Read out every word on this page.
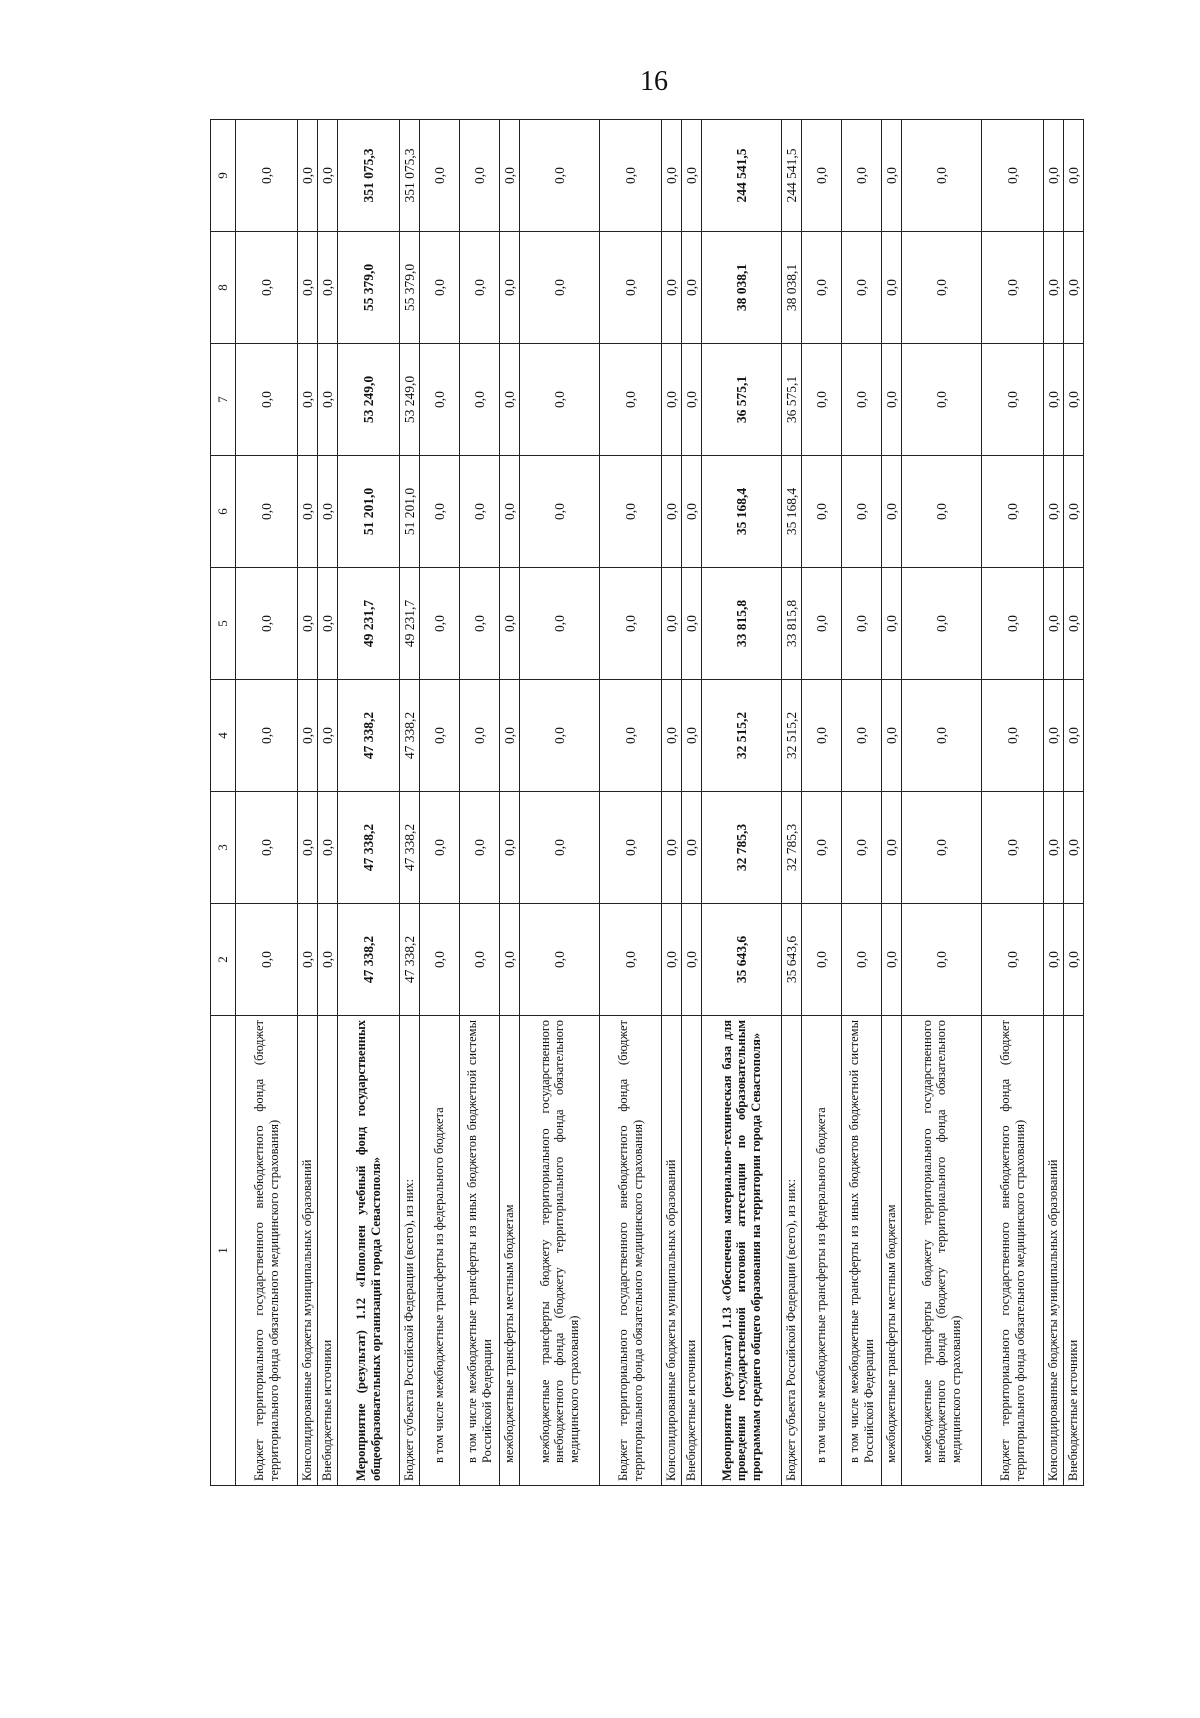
16
1	2	3	4	5	6	7	8	9
Бюджет территориального государственного внебюджетного фонда (бюджет территориального фонда обязательного медицинского страхования)	0,0	0,0	0,0	0,0	0,0	0,0	0,0	0,0
Консолидированные бюджеты муниципальных образований	0,0	0,0	0,0	0,0	0,0	0,0	0,0	0,0
Внебюджетные источники	0,0	0,0	0,0	0,0	0,0	0,0	0,0	0,0
Мероприятие (результат) 1.12 «Пополнен учебный фонд государственных общеобразовательных организаций города Севастополя»	47 338,2	47 338,2	47 338,2	49 231,7	51 201,0	53 249,0	55 379,0	351 075,3
Бюджет субъекта Российской Федерации (всего), из них:	47 338,2	47 338,2	47 338,2	49 231,7	51 201,0	53 249,0	55 379,0	351 075,3
в том числе межбюджетные трансферты из федерального бюджета	0,0	0,0	0,0	0,0	0,0	0,0	0,0	0,0
в том числе межбюджетные трансферты из иных бюджетов бюджетной системы Российской Федерации	0,0	0,0	0,0	0,0	0,0	0,0	0,0	0,0
межбюджетные трансферты местным бюджетам	0,0	0,0	0,0	0,0	0,0	0,0	0,0	0,0
межбюджетные трансферты бюджету территориального государственного внебюджетного фонда (бюджету территориального фонда обязательного медицинского страхования)	0,0	0,0	0,0	0,0	0,0	0,0	0,0	0,0
Бюджет территориального государственного внебюджетного фонда (бюджет территориального фонда обязательного медицинского страхования)	0,0	0,0	0,0	0,0	0,0	0,0	0,0	0,0
Консолидированные бюджеты муниципальных образований	0,0	0,0	0,0	0,0	0,0	0,0	0,0	0,0
Внебюджетные источники	0,0	0,0	0,0	0,0	0,0	0,0	0,0	0,0
Мероприятие (результат) 1.13 «Обеспечена материально-техническая база для проведения государственной итоговой аттестации по образовательным программам среднего общего образования на территории города Севастополя»	35 643,6	32 785,3	32 515,2	33 815,8	35 168,4	36 575,1	38 038,1	244 541,5
Бюджет субъекта Российской Федерации (всего), из них:	35 643,6	32 785,3	32 515,2	33 815,8	35 168,4	36 575,1	38 038,1	244 541,5
в том числе межбюджетные трансферты из федерального бюджета	0,0	0,0	0,0	0,0	0,0	0,0	0,0	0,0
в том числе межбюджетные трансферты из иных бюджетов бюджетной системы Российской Федерации	0,0	0,0	0,0	0,0	0,0	0,0	0,0	0,0
межбюджетные трансферты местным бюджетам	0,0	0,0	0,0	0,0	0,0	0,0	0,0	0,0
межбюджетные трансферты бюджету территориального государственного внебюджетного фонда (бюджету территориального фонда обязательного медицинского страхования)	0,0	0,0	0,0	0,0	0,0	0,0	0,0	0,0
Бюджет территориального государственного внебюджетного фонда (бюджет территориального фонда обязательного медицинского страхования)	0,0	0,0	0,0	0,0	0,0	0,0	0,0	0,0
Консолидированные бюджеты муниципальных образований	0,0	0,0	0,0	0,0	0,0	0,0	0,0	0,0
Внебюджетные источники	0,0	0,0	0,0	0,0	0,0	0,0	0,0	0,0
